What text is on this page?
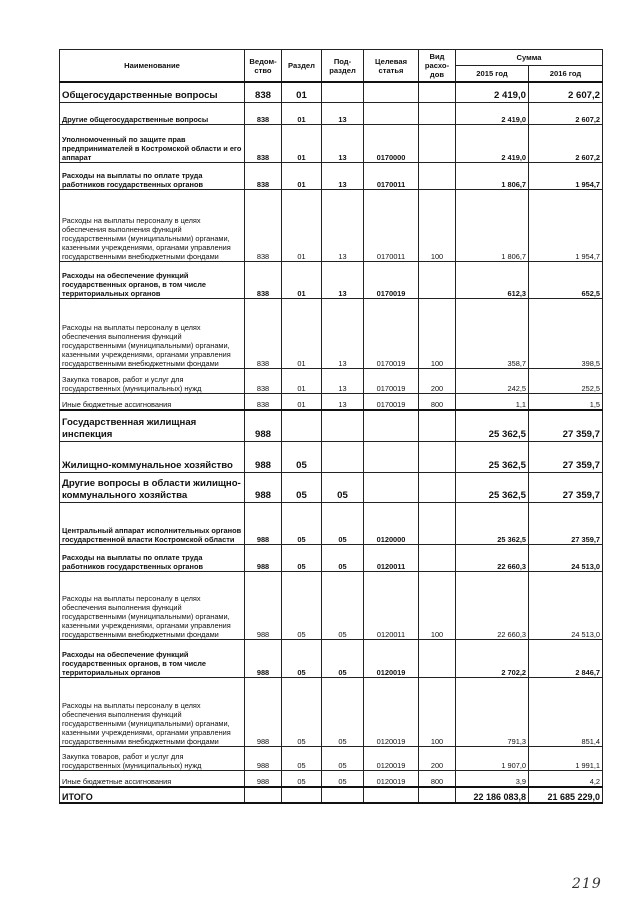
Наименование	Ведом-ство	Раздел	Под-раздел	Целевая статья	Вид расхо-дов	Сумма	
						2015 год	2016 год
Общегосударственные вопросы	838	01				2 419,0	2 607,2
Другие общегосударственные вопросы	838	01	13			2 419,0	2 607,2
Уполномоченный по защите прав предпринимателей в Костромской области и его аппарат	838	01	13	0170000		2 419,0	2 607,2
Расходы на выплаты по оплате труда работников государственных органов	838	01	13	0170011		1 806,7	1 954,7
Расходы на выплаты персоналу в целях обеспечения выполнения функций государственными (муниципальными) органами, казенными учреждениями, органами управления государственными внебюджетными фондами	838	01	13	0170011	100	1 806,7	1 954,7
Расходы на обеспечение функций государственных органов, в том числе территориальных органов	838	01	13	0170019		612,3	652,5
Расходы на выплаты персоналу в целях обеспечения выполнения функций государственными (муниципальными) органами, казенными учреждениями, органами управления государственными внебюджетными фондами	838	01	13	0170019	100	358,7	398,5
Закупка товаров, работ и услуг для государственных (муниципальных) нужд	838	01	13	0170019	200	242,5	252,5
Иные бюджетные ассигнования	838	01	13	0170019	800	1,1	1,5
Государственная жилищная инспекция	988					25 362,5	27 359,7
Жилищно-коммунальное хозяйство	988	05				25 362,5	27 359,7
Другие вопросы в области жилищно-коммунального хозяйства	988	05	05			25 362,5	27 359,7
Центральный аппарат исполнительных органов государственной власти Костромской области	988	05	05	0120000		25 362,5	27 359,7
Расходы на выплаты по оплате труда работников государственных органов	988	05	05	0120011		22 660,3	24 513,0
Расходы на выплаты персоналу в целях обеспечения выполнения функций государственными (муниципальными) органами, казенными учреждениями, органами управления государственными внебюджетными фондами	988	05	05	0120011	100	22 660,3	24 513,0
Расходы на обеспечение функций государственных органов, в том числе территориальных органов	988	05	05	0120019		2 702,2	2 846,7
Расходы на выплаты персоналу в целях обеспечения выполнения функций государственными (муниципальными) органами, казенными учреждениями, органами управления государственными внебюджетными фондами	988	05	05	0120019	100	791,3	851,4
Закупка товаров, работ и услуг для государственных (муниципальных) нужд	988	05	05	0120019	200	1 907,0	1 991,1
Иные бюджетные ассигнования	988	05	05	0120019	800	3,9	4,2
ИТОГО						22 186 083,8	21 685 229,0
219
